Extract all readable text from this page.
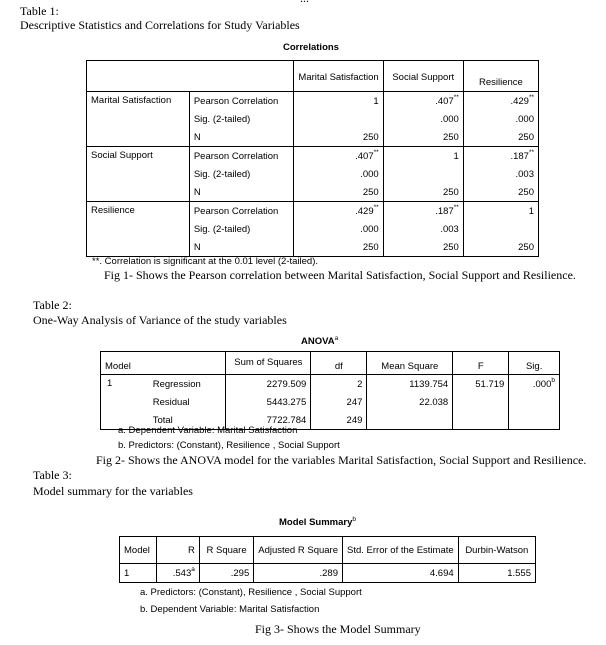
Table 1:
Descriptive Statistics and Correlations for Study Variables
Correlations
		Marital Satisfaction	Social Support	Resilience
Marital Satisfaction	Pearson Correlation	1	.407**	.429**
	Sig. (2-tailed)		.000	.000
	N	250	250	250
Social Support	Pearson Correlation	.407**	1	.187**
	Sig. (2-tailed)	.000		.003
	N	250	250	250
Resilience	Pearson Correlation	.429**	.187**	1
	Sig. (2-tailed)	.000	.003	
	N	250	250	250
**. Correlation is significant at the 0.01 level (2-tailed).
Fig 1- Shows the Pearson correlation between Marital Satisfaction, Social Support and Resilience.
Table 2:
One-Way Analysis of Variance of the study variables
ANOVA$^a$
Model		Sum of Squares	df	Mean Square	F	Sig.
1	Regression	2279.509	2	1139.754	51.719	.000$^b$
	Residual	5443.275	247	22.038		
	Total	7722.784	249			
a. Dependent Variable: Marital Satisfaction
b. Predictors: (Constant), Resilience , Social Support
Fig 2- Shows the ANOVA model for the variables Marital Satisfaction, Social Support and Resilience.
Table 3:
Model summary for the variables
Model Summary$^b$
Model	R	R Square	Adjusted R Square	Std. Error of the Estimate	Durbin-Watson
1	.543$^a$	.295	.289	4.694	1.555
a. Predictors: (Constant), Resilience , Social Support
b. Dependent Variable: Marital Satisfaction
Fig 3- Shows the Model Summary
